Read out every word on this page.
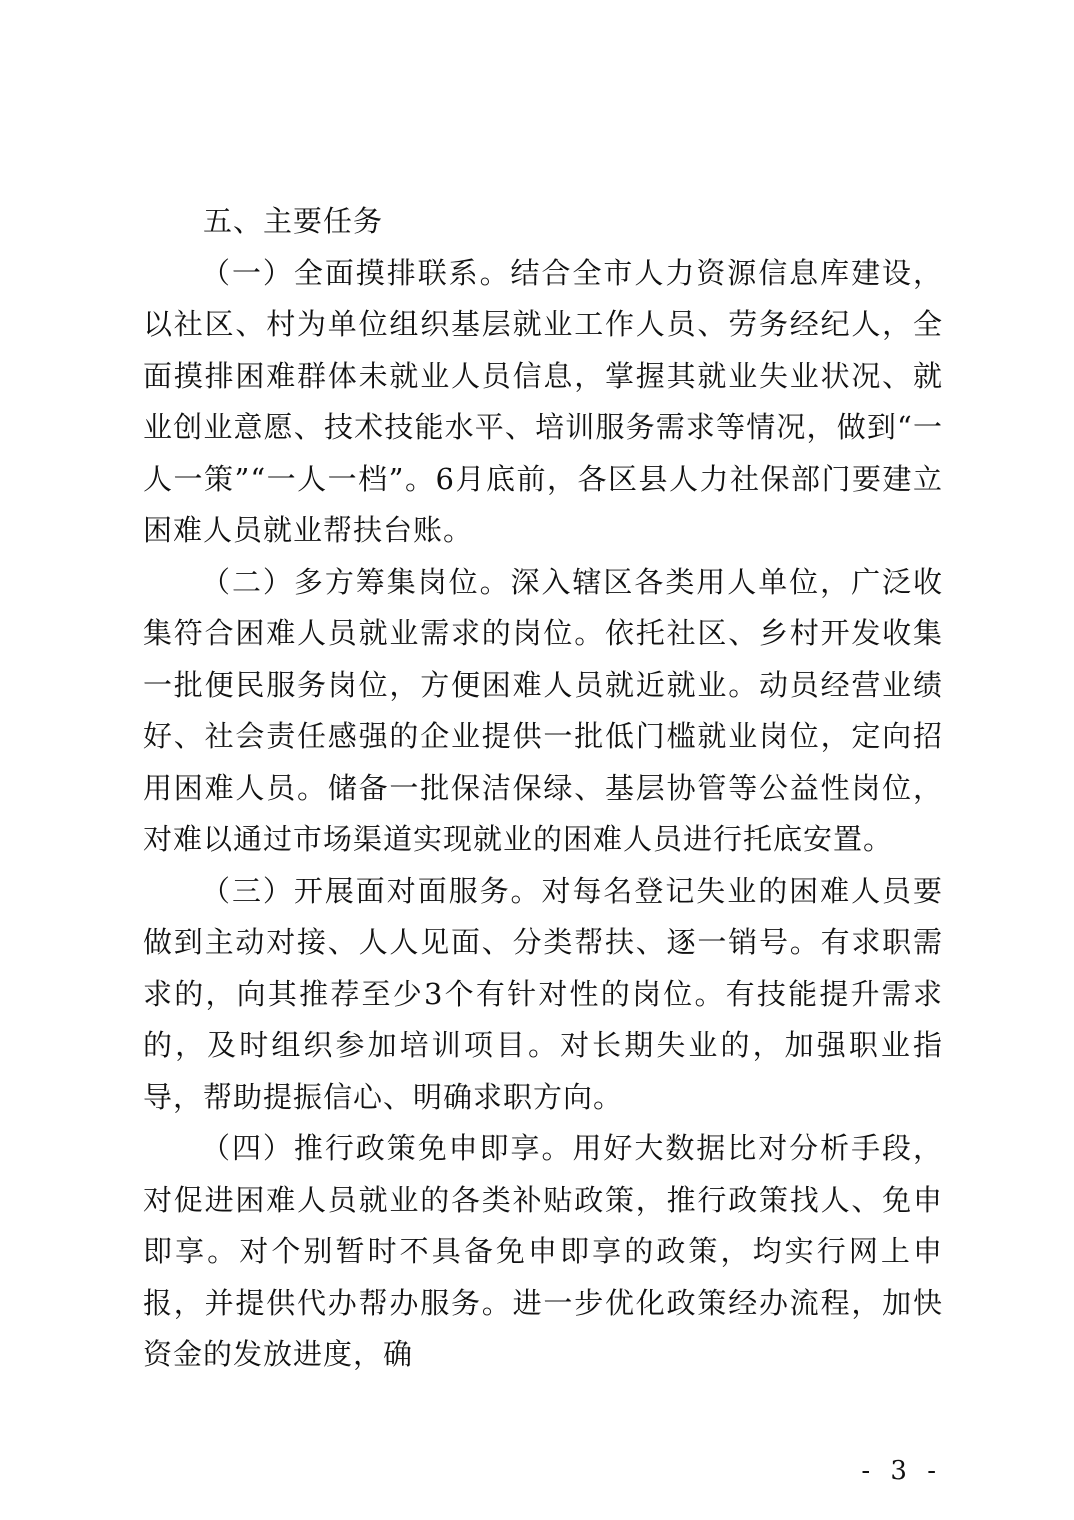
五、主要任务

（一）全面摸排联系。结合全市人力资源信息库建设，以社区、村为单位组织基层就业工作人员、劳务经纪人，全面摸排困难群体未就业人员信息，掌握其就业失业状况、就业创业意愿、技术技能水平、培训服务需求等情况，做到“一人一策”“一人一档”。6月底前，各区县人力社保部门要建立困难人员就业帮扶台账。

（二）多方筹集岗位。深入辖区各类用人单位，广泛收集符合困难人员就业需求的岗位。依托社区、乡村开发收集一批便民服务岗位，方便困难人员就近就业。动员经营业绩好、社会责任感强的企业提供一批低门槛就业岗位，定向招用困难人员。储备一批保洁保绿、基层协管等公益性岗位，对难以通过市场渠道实现就业的困难人员进行托底安置。

（三）开展面对面服务。对每名登记失业的困难人员要做到主动对接、人人见面、分类帮扶、逐一销号。有求职需求的，向其推荐至少3个有针对性的岗位。有技能提升需求的，及时组织参加培训项目。对长期失业的，加强职业指导，帮助提振信心、明确求职方向。

（四）推行政策免申即享。用好大数据比对分析手段，对促进困难人员就业的各类补贴政策，推行政策找人、免申即享。对个别暂时不具备免申即享的政策，均实行网上申报，并提供代办帮办服务。进一步优化政策经办流程，加快资金的发放进度，确

- 3 -
